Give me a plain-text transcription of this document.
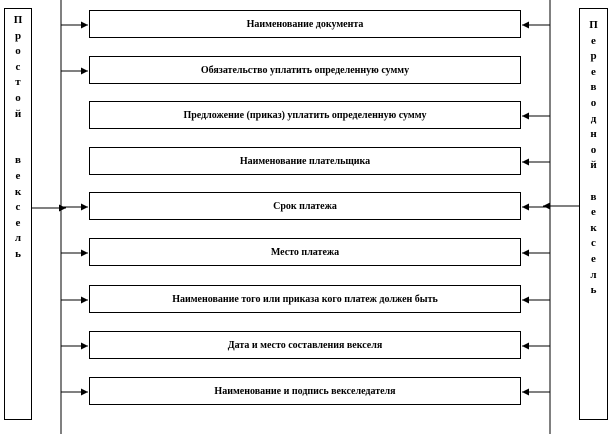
П
р
о
с
т
о
й
в
е
к
с
е
л
ь
П
е
р
е
в
о
д
н
о
й
в
е
к
с
е
л
ь
Наименование документа
Обязательство уплатить определенную сумму
Предложение (приказ) уплатить определенную сумму
Наименование плательщика
Срок платежа
Место платежа
Наименование того или приказа кого платеж должен быть
Дата и место составления векселя
Наименование и подпись векселедателя
